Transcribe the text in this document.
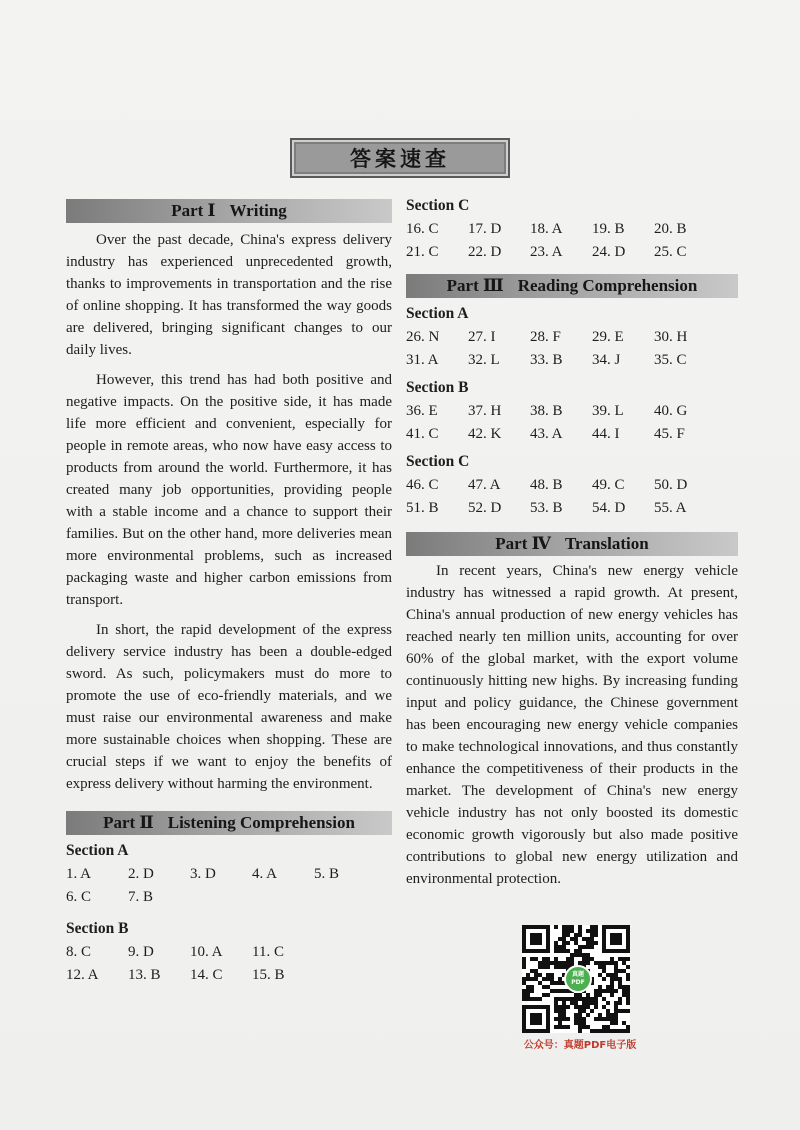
答案速查
Part Ⅰ Writing

Over the past decade, China's express delivery industry has experienced unprecedented growth, thanks to improvements in transportation and the rise of online shopping. It has transformed the way goods are delivered, bringing significant changes to our daily lives.

However, this trend has had both positive and negative impacts. On the positive side, it has made life more efficient and convenient, especially for people in remote areas, who now have easy access to products from around the world. Furthermore, it has created many job opportunities, providing people with a stable income and a chance to support their families. But on the other hand, more deliveries mean more environmental problems, such as increased packaging waste and higher carbon emissions from transport.

In short, the rapid development of the express delivery service industry has been a double-edged sword. As such, policymakers must do more to promote the use of eco-friendly materials, and we must raise our environmental awareness and make more sustainable choices when shopping. These are crucial steps if we want to enjoy the benefits of express delivery without harming the environment.

Part Ⅱ Listening Comprehension

Section A

1. A	2. D	3. D	4. A	5. B
6. C	7. B

Section B

8. C	9. D	10. A	11. C
12. A	13. B	14. C	15. B

Section C

16. C	17. D	18. A	19. B	20. B
21. C	22. D	23. A	24. D	25. C
Part Ⅲ Reading Comprehension

Section A

26. N	27. I	28. F	29. E	30. H
31. A	32. L	33. B	34. J	35. C

Section B

36. E	37. H	38. B	39. L	40. G
41. C	42. K	43. A	44. I	45. F

Section C

46. C	47. A	48. B	49. C	50. D
51. B	52. D	53. B	54. D	55. A
Part Ⅳ Translation

In recent years, China's new energy vehicle industry has witnessed a rapid growth. At present, China's annual production of new energy vehicles has reached nearly ten million units, accounting for over 60% of the global market, with the export volume continuously hitting new highs. By increasing funding input and policy guidance, the Chinese government has been encouraging new energy vehicle companies to make technological innovations, and thus constantly enhance the competitiveness of their products in the market. The development of China's new energy vehicle industry has not only boosted its domestic economic growth vigorously but also made positive contributions to global new energy utilization and environmental protection.

真题
PDF
公众号：真题PDF电子版
